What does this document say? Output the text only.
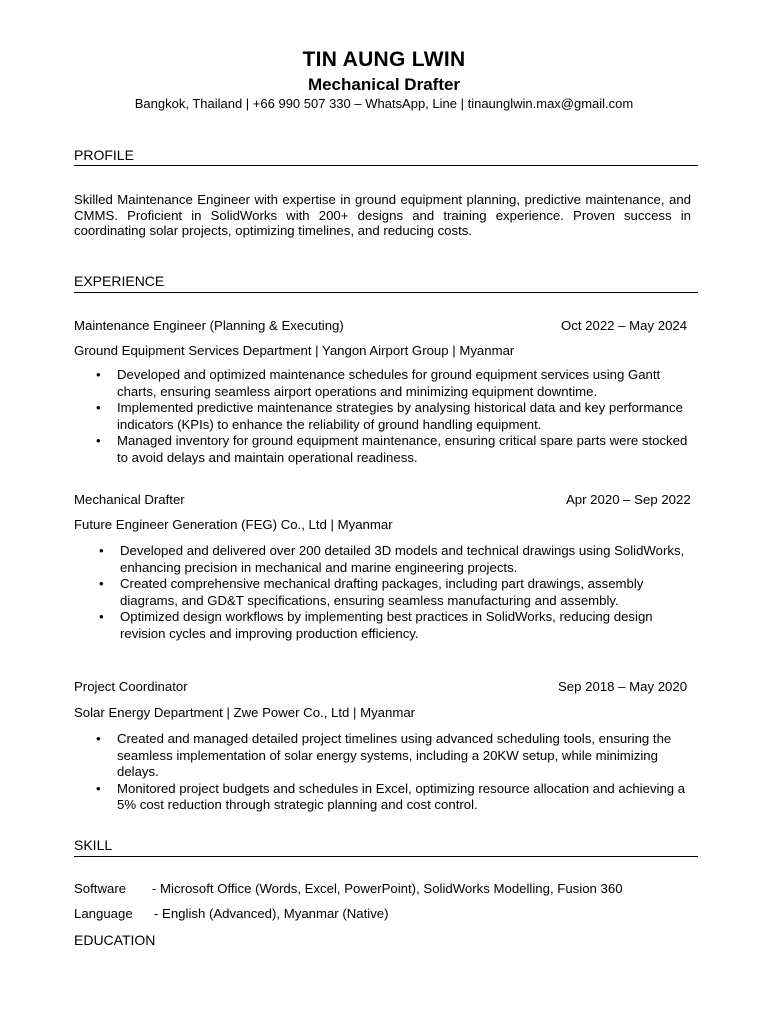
TIN AUNG LWIN
Mechanical Drafter
Bangkok, Thailand | +66 990 507 330 – WhatsApp, Line | tinaunglwin.max@gmail.com
PROFILE
Skilled Maintenance Engineer with expertise in ground equipment planning, predictive maintenance, and CMMS. Proficient in SolidWorks with 200+ designs and training experience. Proven success in coordinating solar projects, optimizing timelines, and reducing costs.
EXPERIENCE
Maintenance Engineer (Planning & Executing)	Oct 2022 – May 2024
Ground Equipment Services Department | Yangon Airport Group | Myanmar
• Developed and optimized maintenance schedules for ground equipment services using Gantt charts, ensuring seamless airport operations and minimizing equipment downtime.
• Implemented predictive maintenance strategies by analysing historical data and key performance indicators (KPIs) to enhance the reliability of ground handling equipment.
• Managed inventory for ground equipment maintenance, ensuring critical spare parts were stocked to avoid delays and maintain operational readiness.
Mechanical Drafter	Apr 2020 – Sep 2022
Future Engineer Generation (FEG) Co., Ltd | Myanmar
• Developed and delivered over 200 detailed 3D models and technical drawings using SolidWorks, enhancing precision in mechanical and marine engineering projects.
• Created comprehensive mechanical drafting packages, including part drawings, assembly diagrams, and GD&T specifications, ensuring seamless manufacturing and assembly.
• Optimized design workflows by implementing best practices in SolidWorks, reducing design revision cycles and improving production efficiency.
Project Coordinator	Sep 2018 – May 2020
Solar Energy Department | Zwe Power Co., Ltd | Myanmar
• Created and managed detailed project timelines using advanced scheduling tools, ensuring the seamless implementation of solar energy systems, including a 20KW setup, while minimizing delays.
• Monitored project budgets and schedules in Excel, optimizing resource allocation and achieving a 5% cost reduction through strategic planning and cost control.
SKILL
Software - Microsoft Office (Words, Excel, PowerPoint), SolidWorks Modelling, Fusion 360
Language - English (Advanced), Myanmar (Native)
EDUCATION
